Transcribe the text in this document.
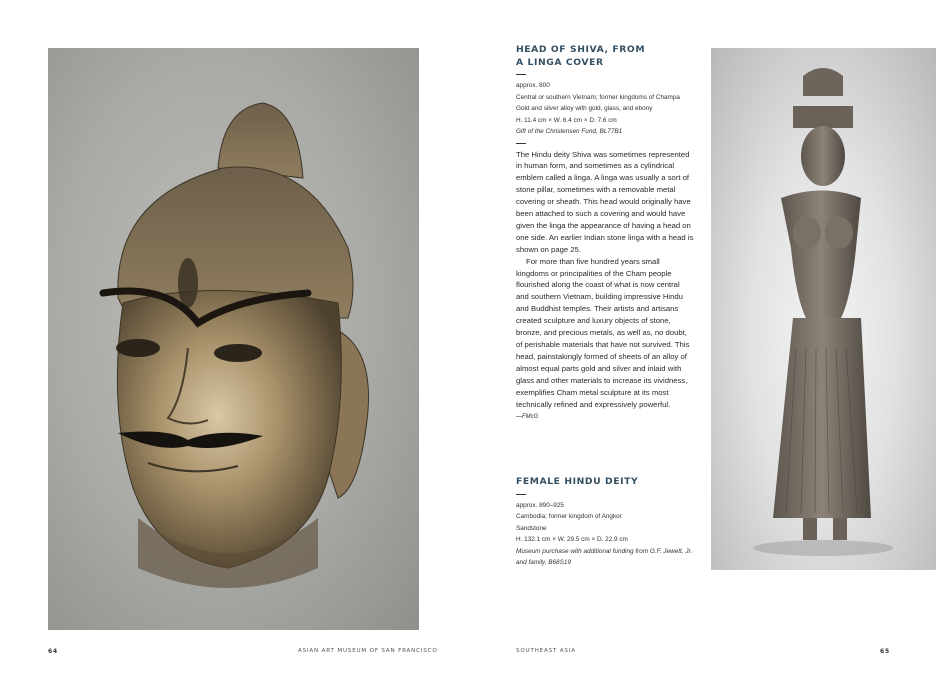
HEAD OF SHIVA, FROM

A LINGA COVER

approx. 800

Central or southern Vietnam; former kingdoms of Champa

Gold and silver alloy with gold, glass, and ebony

H. 11.4 cm × W. 6.4 cm × D. 7.6 cm

Gift of the Christensen Fund, BL77B1

The Hindu deity Shiva was sometimes represented in human form, and sometimes as a cylindrical emblem called a linga. A linga was usually a sort of stone pillar, sometimes with a removable metal covering or sheath. This head would originally have been attached to such a covering and would have given the linga the appearance of having a head on one side. An earlier Indian stone linga with a head is shown on page 25.

For more than five hundred years small kingdoms or principalities of the Cham people flourished along the coast of what is now central and southern Vietnam, building impressive Hindu and Buddhist temples. Their artists and artisans created sculpture and luxury objects of stone, bronze, and precious metals, as well as, no doubt, of perishable materials that have not survived. This head, painstakingly formed of sheets of an alloy of almost equal parts gold and silver and inlaid with glass and other materials to increase its vividness, exemplifies Cham metal sculpture at its most technically refined and expressively powerful.

—FMcG

FEMALE HINDU DEITY

approx. 890–925

Cambodia; former kingdom of Angkor

Sandstone

H. 132.1 cm × W. 29.5 cm × D. 22.9 cm

Museum purchase with additional funding from G.F. Jewett, Jr.

and family, B68S19

64	ASIAN ART MUSEUM OF SAN FRANCISCO	SOUTHEAST ASIA	65
